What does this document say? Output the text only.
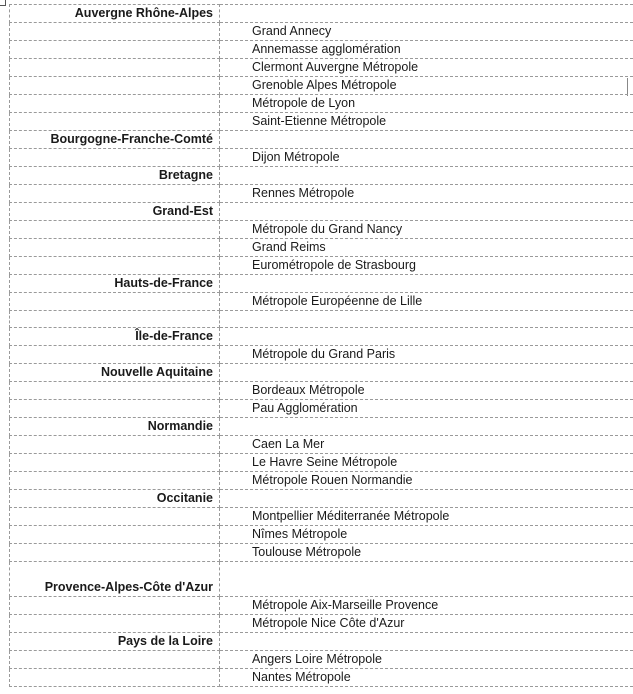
Auvergne Rhône-Alpes	
	Grand Annecy
	Annemasse agglomération
	Clermont Auvergne Métropole
	Grenoble Alpes Métropole
	Métropole de Lyon
	Saint-Etienne Métropole
Bourgogne-Franche-Comté	
	Dijon Métropole
Bretagne	
	Rennes Métropole
Grand-Est	
	Métropole du Grand Nancy
	Grand Reims
	Eurométropole de Strasbourg
Hauts-de-France	
	Métropole Européenne de Lille

Île-de-France	
	Métropole du Grand Paris
Nouvelle Aquitaine	
	Bordeaux Métropole
	Pau Agglomération
Normandie	
	Caen La Mer
	Le Havre Seine Métropole
	Métropole Rouen Normandie
Occitanie	
	Montpellier Méditerranée Métropole
	Nîmes Métropole
	Toulouse Métropole
Provence-Alpes-Côte d'Azur	
	Métropole Aix-Marseille Provence
	Métropole Nice Côte d'Azur
Pays de la Loire	
	Angers Loire Métropole
	Nantes Métropole
